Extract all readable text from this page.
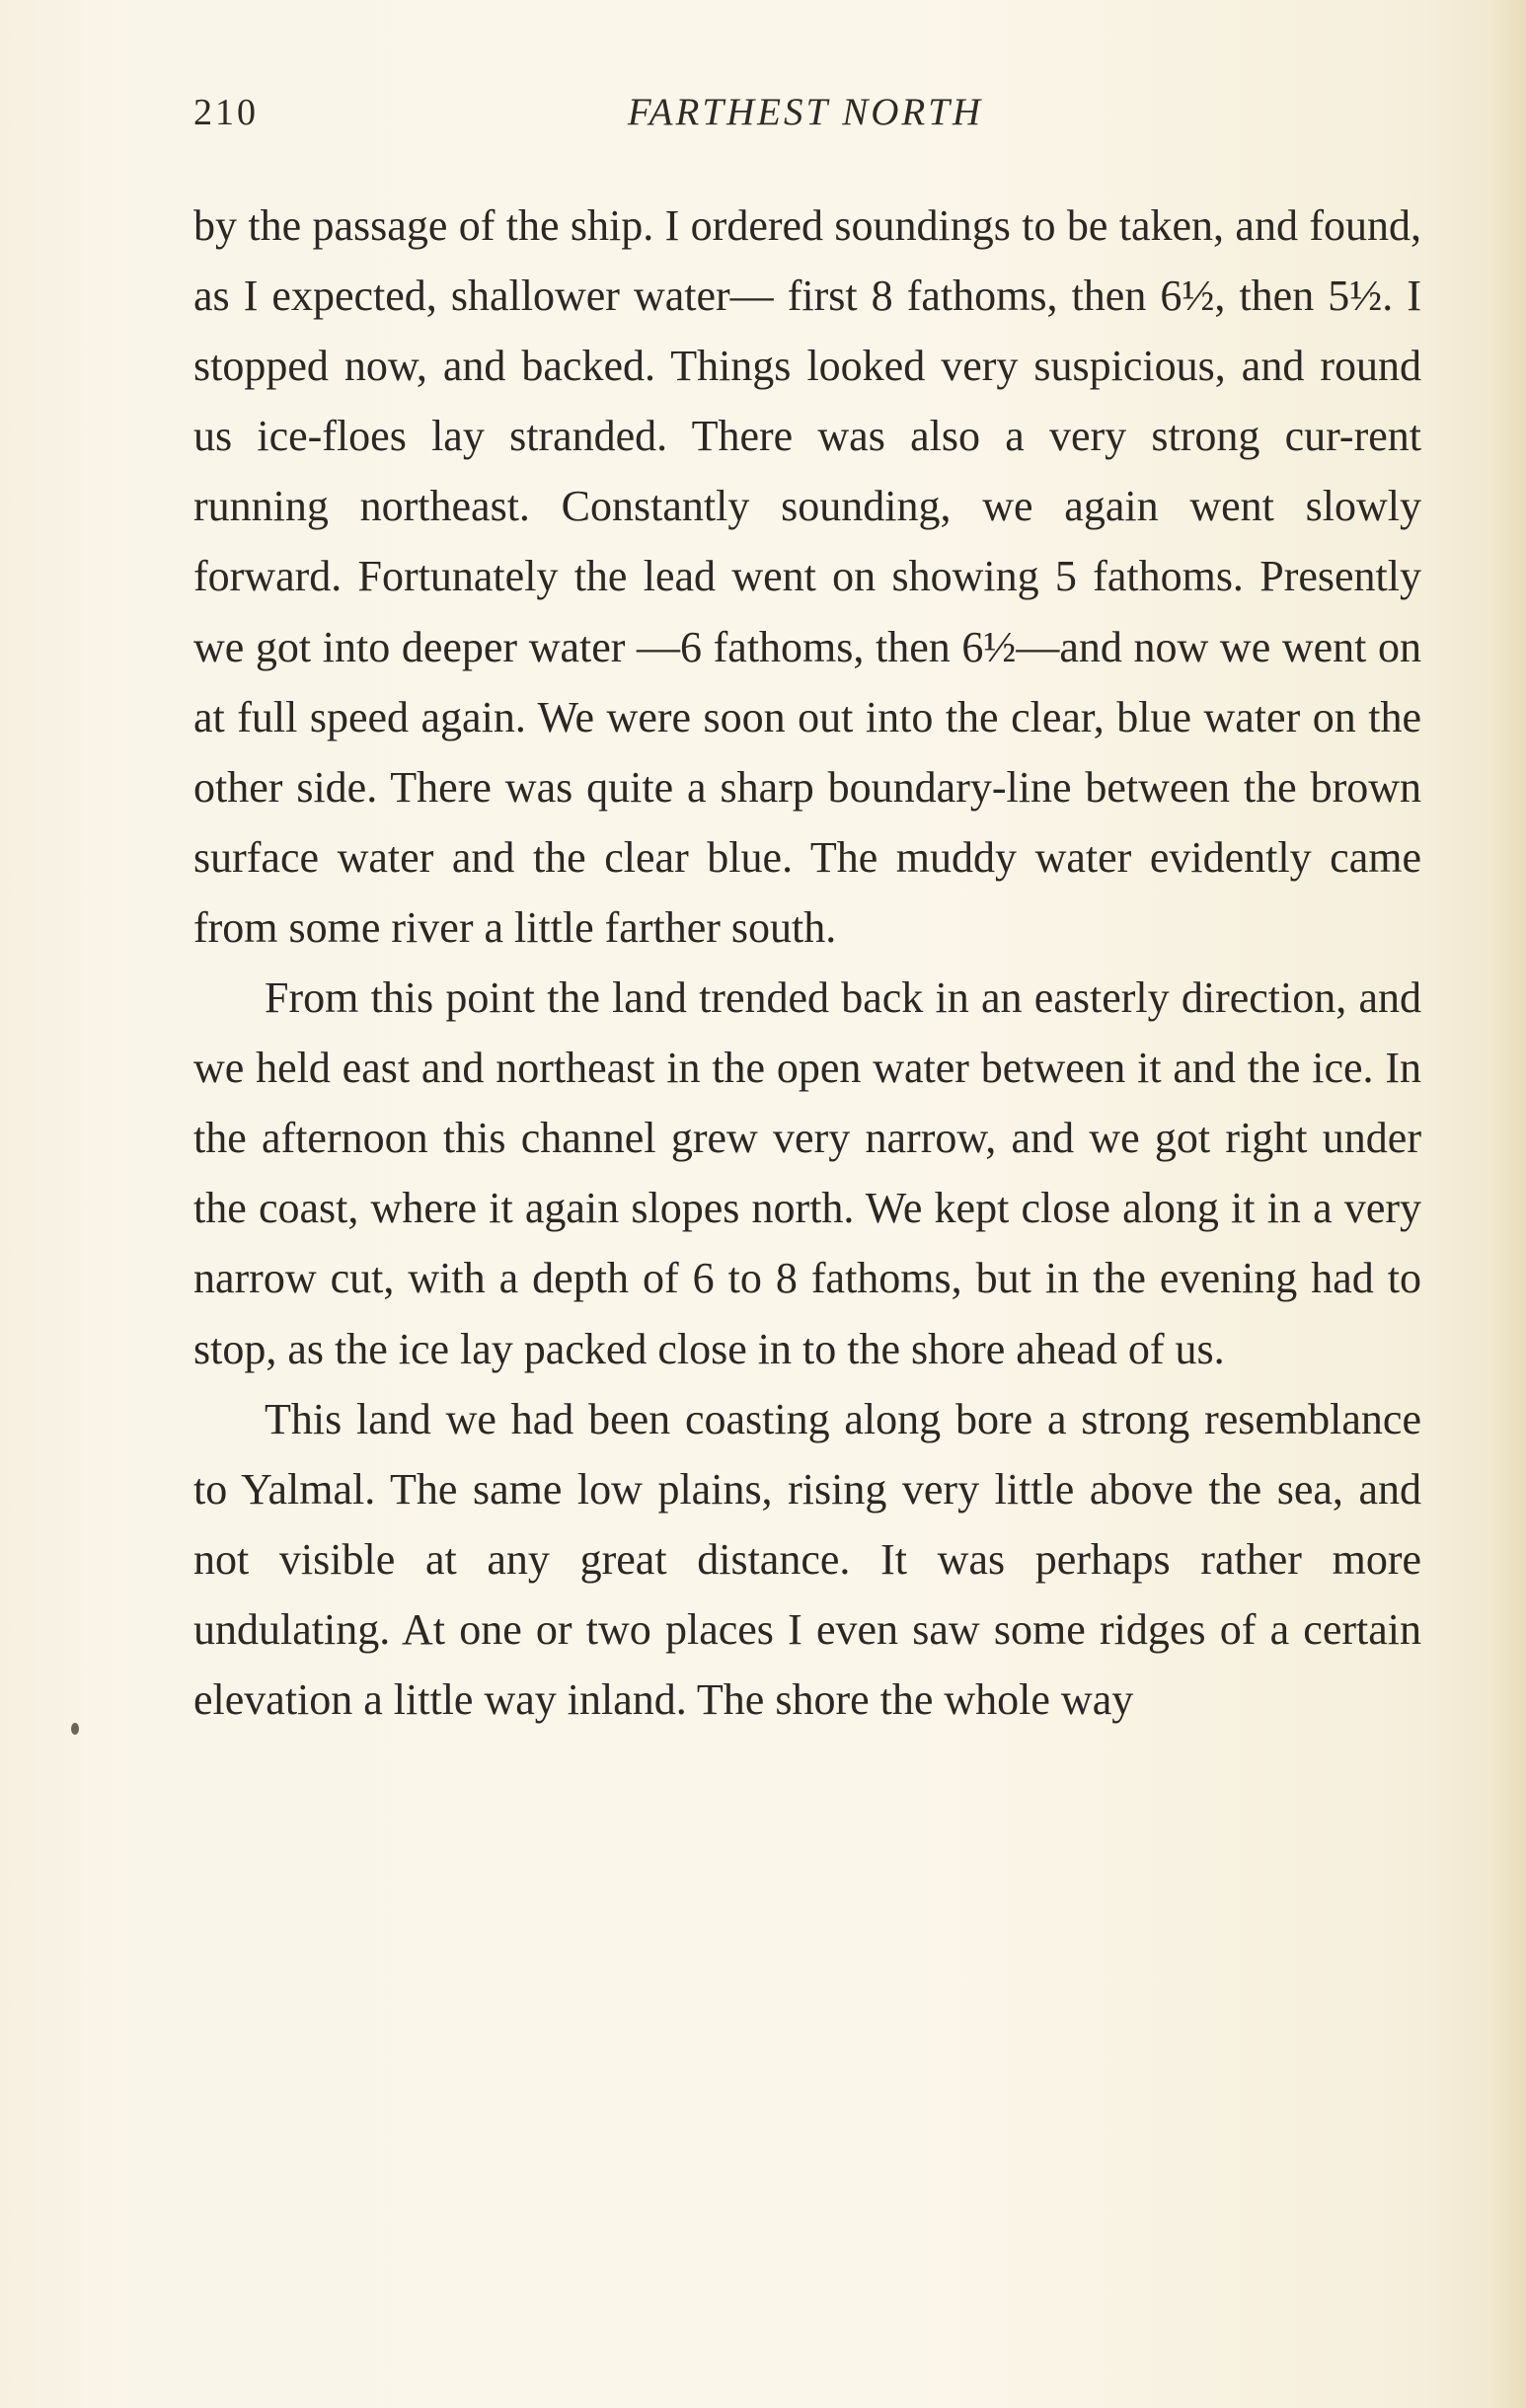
210	FARTHEST NORTH

by the passage of the ship. I ordered soundings to be taken, and found, as I expected, shallower water— first 8 fathoms, then 6½, then 5½. I stopped now, and backed. Things looked very suspicious, and round us ice-floes lay stranded. There was also a very strong cur-rent running northeast. Constantly sounding, we again went slowly forward. Fortunately the lead went on showing 5 fathoms. Presently we got into deeper water —6 fathoms, then 6½—and now we went on at full speed again. We were soon out into the clear, blue water on the other side. There was quite a sharp boundary-line between the brown surface water and the clear blue. The muddy water evidently came from some river a little farther south.

From this point the land trended back in an easterly direction, and we held east and northeast in the open water between it and the ice. In the afternoon this channel grew very narrow, and we got right under the coast, where it again slopes north. We kept close along it in a very narrow cut, with a depth of 6 to 8 fathoms, but in the evening had to stop, as the ice lay packed close in to the shore ahead of us.

This land we had been coasting along bore a strong resemblance to Yalmal. The same low plains, rising very little above the sea, and not visible at any great distance. It was perhaps rather more undulating. At one or two places I even saw some ridges of a certain elevation a little way inland. The shore the whole way
